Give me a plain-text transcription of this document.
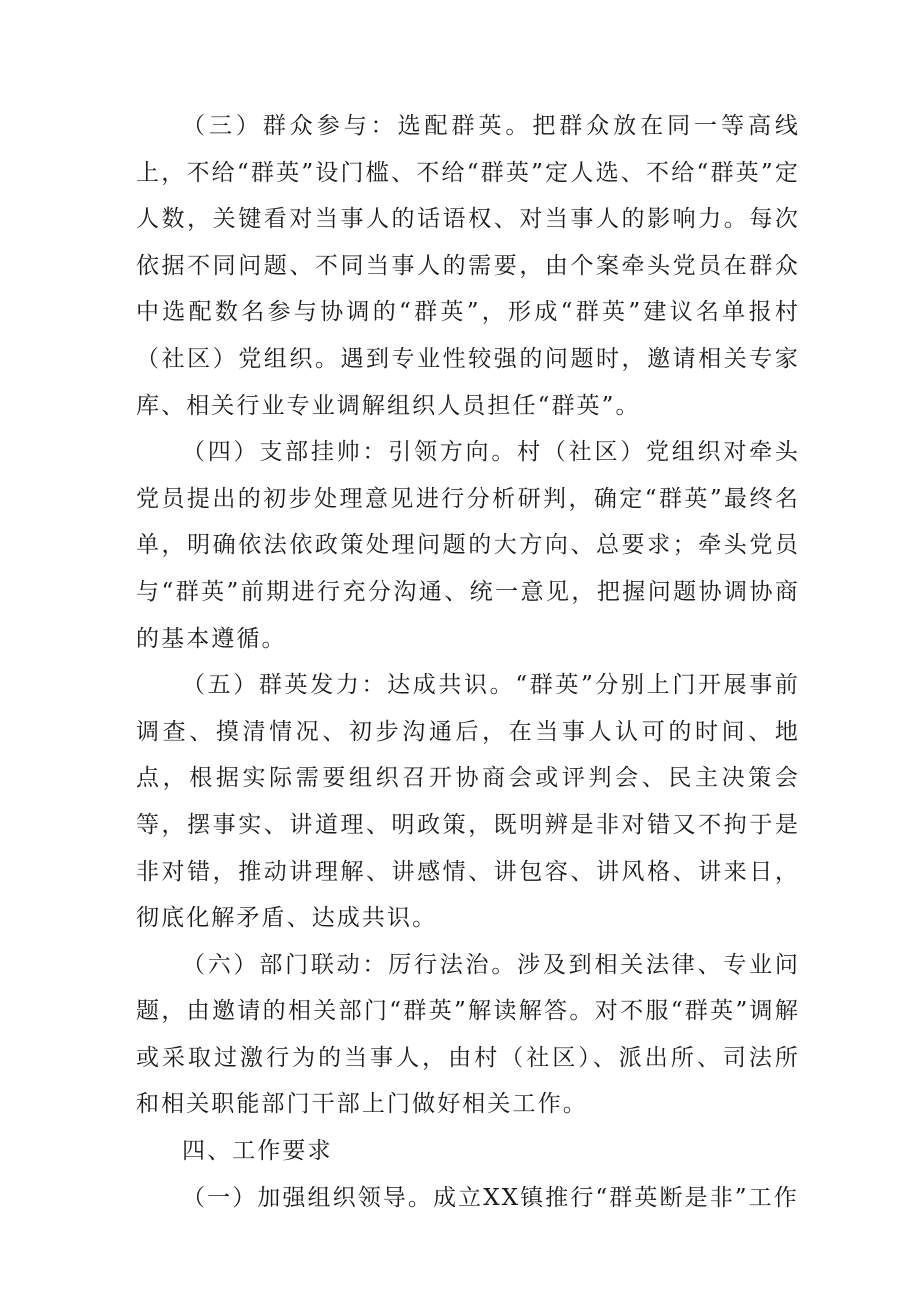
（三）群众参与：选配群英。把群众放在同一等高线上，不给“群英”设门槛、不给“群英”定人选、不给“群英”定人数，关键看对当事人的话语权、对当事人的影响力。每次依据不同问题、不同当事人的需要，由个案牵头党员在群众中选配数名参与协调的“群英”，形成“群英”建议名单报村（社区）党组织。遇到专业性较强的问题时，邀请相关专家库、相关行业专业调解组织人员担任“群英”。

（四）支部挂帅：引领方向。村（社区）党组织对牵头党员提出的初步处理意见进行分析研判，确定“群英”最终名单，明确依法依政策处理问题的大方向、总要求；牵头党员与“群英”前期进行充分沟通、统一意见，把握问题协调协商的基本遵循。

（五）群英发力：达成共识。“群英”分别上门开展事前调查、摸清情况、初步沟通后，在当事人认可的时间、地点，根据实际需要组织召开协商会或评判会、民主决策会等，摆事实、讲道理、明政策，既明辨是非对错又不拘于是非对错，推动讲理解、讲感情、讲包容、讲风格、讲来日，彻底化解矛盾、达成共识。

（六）部门联动：厉行法治。涉及到相关法律、专业问题，由邀请的相关部门“群英”解读解答。对不服“群英”调解或采取过激行为的当事人，由村（社区）、派出所、司法所和相关职能部门干部上门做好相关工作。

四、工作要求

（一）加强组织领导。成立XX镇推行“群英断是非”工作
